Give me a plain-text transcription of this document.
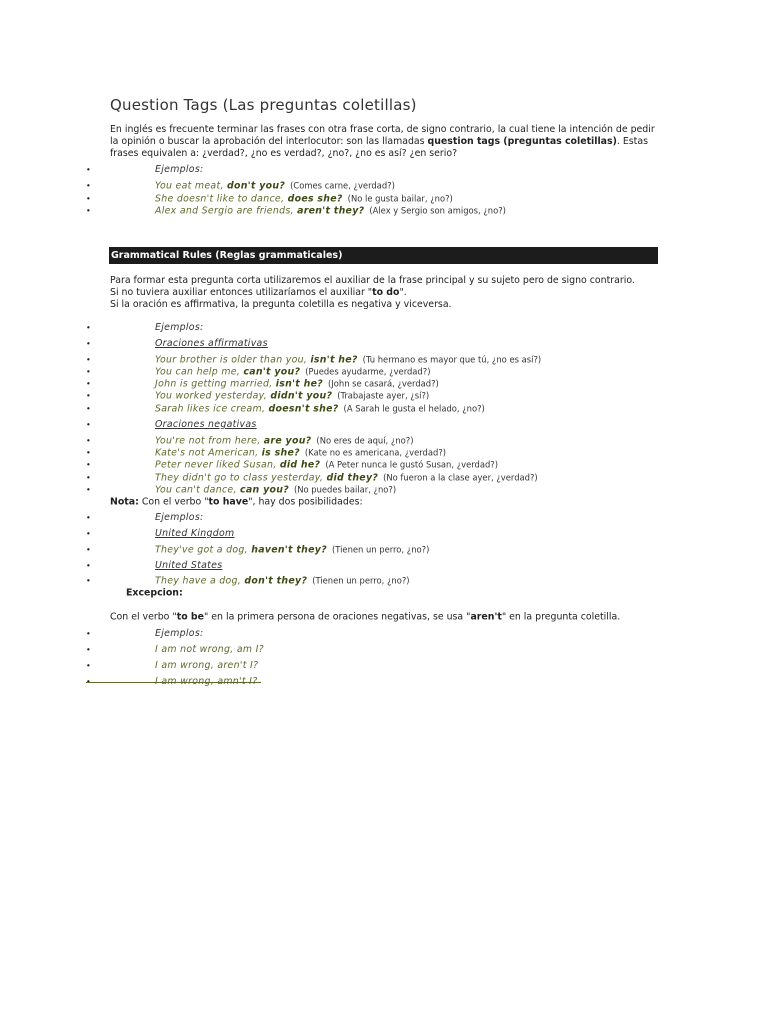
Question Tags (Las preguntas coletillas)
En inglés es frecuente terminar las frases con otra frase corta, de signo contrario, la cual tiene la intención de pedir la opinión o buscar la aprobación del interlocutor: son las llamadas question tags (preguntas coletillas). Estas frases equivalen a: ¿verdad?, ¿no es verdad?, ¿no?, ¿no es así? ¿en serio?
•	Ejemplos:
•	You eat meat, don't you? (Comes carne, ¿verdad?)
•	She doesn't like to dance, does she? (No le gusta bailar, ¿no?)
•	Alex and Sergio are friends, aren't they? (Alex y Sergio son amigos, ¿no?)
Grammatical Rules (Reglas grammaticales)
Para formar esta pregunta corta utilizaremos el auxiliar de la frase principal y su sujeto pero de signo contrario.
Si no tuviera auxiliar entonces utilizaríamos el auxiliar "to do".
Si la oración es affirmativa, la pregunta coletilla es negativa y viceversa.
•	Ejemplos:
•	Oraciones affirmativas
•	Your brother is older than you, isn't he? (Tu hermano es mayor que tú, ¿no es así?)
•	You can help me, can't you? (Puedes ayudarme, ¿verdad?)
•	John is getting married, isn't he? (John se casará, ¿verdad?)
•	You worked yesterday, didn't you? (Trabajaste ayer, ¿sí?)
•	Sarah likes ice cream, doesn't she? (A Sarah le gusta el helado, ¿no?)
•	Oraciones negativas
•	You're not from here, are you? (No eres de aquí, ¿no?)
•	Kate's not American, is she? (Kate no es americana, ¿verdad?)
•	Peter never liked Susan, did he? (A Peter nunca le gustó Susan, ¿verdad?)
•	They didn't go to class yesterday, did they? (No fueron a la clase ayer, ¿verdad?)
•	You can't dance, can you? (No puedes bailar, ¿no?)
Nota: Con el verbo "to have", hay dos posibilidades:
•	Ejemplos:
•	United Kingdom
•	They've got a dog, haven't they? (Tienen un perro, ¿no?)
•	United States
•	They have a dog, don't they? (Tienen un perro, ¿no?)
Excepcion:
Con el verbo "to be" en la primera persona de oraciones negativas, se usa "aren't" en la pregunta coletilla.
•	Ejemplos:
•	I am not wrong, am I?
•	I am wrong, aren't I?
